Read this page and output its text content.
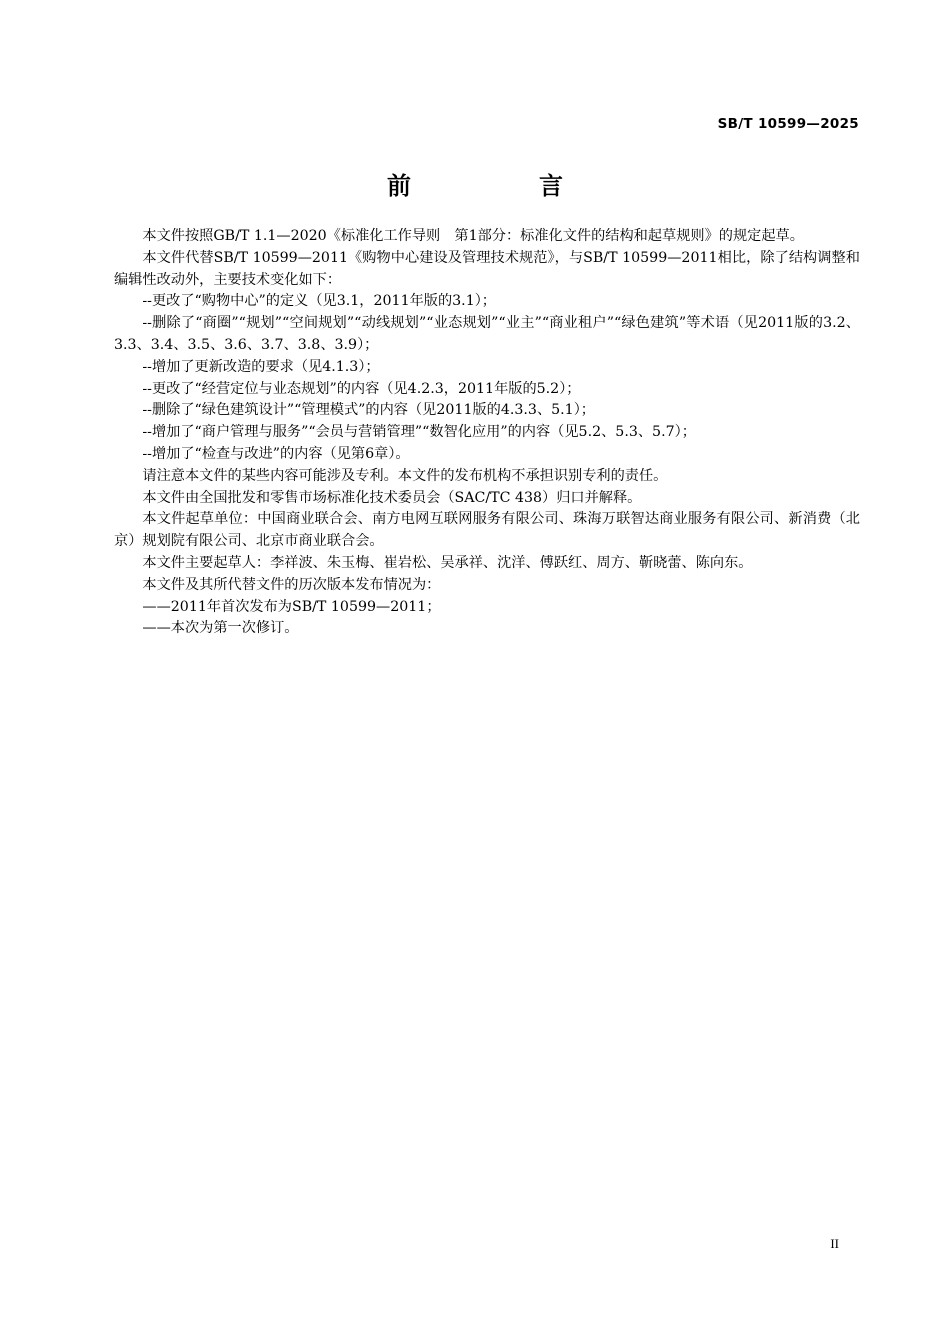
SB/T 10599—2025
前　言

本文件按照GB/T 1.1—2020《标准化工作导则　第1部分：标准化文件的结构和起草规则》的规定起草。

本文件代替SB/T 10599—2011《购物中心建设及管理技术规范》，与SB/T 10599—2011相比，除了结构调整和编辑性改动外，主要技术变化如下：

--更改了“购物中心”的定义（见3.1，2011年版的3.1）；

--删除了“商圈”“规划”“空间规划”“动线规划”“业态规划”“业主”“商业租户”“绿色建筑”等术语（见2011版的3.2、3.3、3.4、3.5、3.6、3.7、3.8、3.9）；

--增加了更新改造的要求（见4.1.3）；

--更改了“经营定位与业态规划”的内容（见4.2.3，2011年版的5.2）；

--删除了“绿色建筑设计”“管理模式”的内容（见2011版的4.3.3、5.1）；

--增加了“商户管理与服务”“会员与营销管理”“数智化应用”的内容（见5.2、5.3、5.7）；

--增加了“检查与改进”的内容（见第6章）。

请注意本文件的某些内容可能涉及专利。本文件的发布机构不承担识别专利的责任。

本文件由全国批发和零售市场标准化技术委员会（SAC/TC 438）归口并解释。

本文件起草单位：中国商业联合会、南方电网互联网服务有限公司、珠海万联智达商业服务有限公司、新消费（北京）规划院有限公司、北京市商业联合会。

本文件主要起草人：李祥波、朱玉梅、崔岩松、吴承祥、沈洋、傅跃红、周方、靳晓蕾、陈向东。

本文件及其所代替文件的历次版本发布情况为：

——2011年首次发布为SB/T 10599—2011；

——本次为第一次修订。

II
